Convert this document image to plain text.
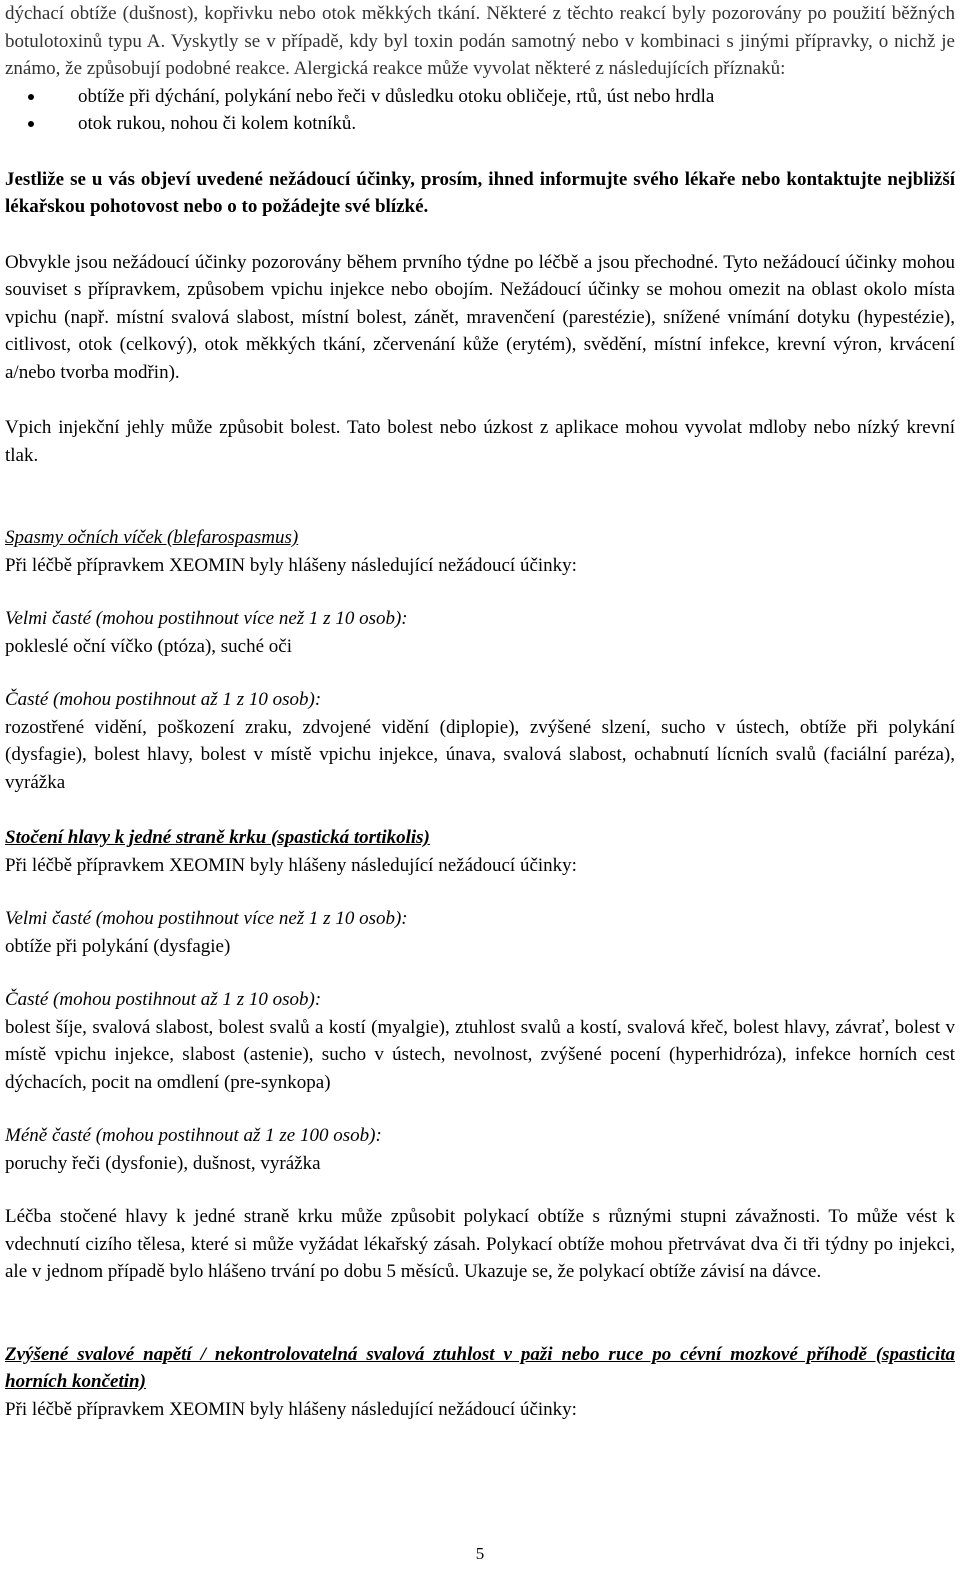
dýchací obtíže (dušnost), kopřivku nebo otok měkkých tkání. Některé z těchto reakcí byly pozorovány po použití běžných botulotoxinů typu A. Vyskytly se v případě, kdy byl toxin podán samotný nebo v kombinaci s jinými přípravky, o nichž je známo, že způsobují podobné reakce. Alergická reakce může vyvolat některé z následujících příznaků:

obtíže při dýchání, polykání nebo řeči v důsledku otoku obličeje, rtů, úst nebo hrdla
otok rukou, nohou či kolem kotníků.

Jestliže se u vás objeví uvedené nežádoucí účinky, prosím, ihned informujte svého lékaře nebo kontaktujte nejbližší lékařskou pohotovost nebo o to požádejte své blízké.

Obvykle jsou nežádoucí účinky pozorovány během prvního týdne po léčbě a jsou přechodné. Tyto nežádoucí účinky mohou souviset s přípravkem, způsobem vpichu injekce nebo obojím. Nežádoucí účinky se mohou omezit na oblast okolo místa vpichu (např. místní svalová slabost, místní bolest, zánět, mravenčení (parestézie), snížené vnímání dotyku (hypestézie), citlivost, otok (celkový), otok měkkých tkání, zčervenání kůže (erytém), svědění, místní infekce, krevní výron, krvácení a/nebo tvorba modřin).

Vpich injekční jehly může způsobit bolest. Tato bolest nebo úzkost z aplikace mohou vyvolat mdloby nebo nízký krevní tlak.

Spasmy očních víček (blefarospasmus)

Při léčbě přípravkem XEOMIN byly hlášeny následující nežádoucí účinky:

Velmi časté (mohou postihnout více než 1 z 10 osob):

pokleslé oční víčko (ptóza), suché oči

Časté (mohou postihnout až 1 z 10 osob):

rozostřené vidění, poškození zraku, zdvojené vidění (diplopie), zvýšené slzení, sucho v ústech, obtíže při polykání (dysfagie), bolest hlavy, bolest v místě vpichu injekce, únava, svalová slabost, ochabnutí lícních svalů (faciální paréza), vyrážka

Stočení hlavy k jedné straně krku (spastická tortikolis)

Při léčbě přípravkem XEOMIN byly hlášeny následující nežádoucí účinky:

Velmi časté (mohou postihnout více než 1 z 10 osob):

obtíže při polykání (dysfagie)

Časté (mohou postihnout až 1 z 10 osob):

bolest šíje, svalová slabost, bolest svalů a kostí (myalgie), ztuhlost svalů a kostí, svalová křeč, bolest hlavy, závrať, bolest v místě vpichu injekce, slabost (astenie), sucho v ústech, nevolnost, zvýšené pocení (hyperhidróza), infekce horních cest dýchacích, pocit na omdlení (pre-synkopa)

Méně časté (mohou postihnout až 1 ze 100 osob):

poruchy řeči (dysfonie), dušnost, vyrážka

Léčba stočené hlavy k jedné straně krku může způsobit polykací obtíže s různými stupni závažnosti. To může vést k vdechnutí cizího tělesa, které si může vyžádat lékařský zásah. Polykací obtíže mohou přetrvávat dva či tři týdny po injekci, ale v jednom případě bylo hlášeno trvání po dobu 5 měsíců. Ukazuje se, že polykací obtíže závisí na dávce.

Zvýšené svalové napětí / nekontrolovatelná svalová ztuhlost v paži nebo ruce po cévní mozkové příhodě (spasticita horních končetin)

Při léčbě přípravkem XEOMIN byly hlášeny následující nežádoucí účinky:

5
